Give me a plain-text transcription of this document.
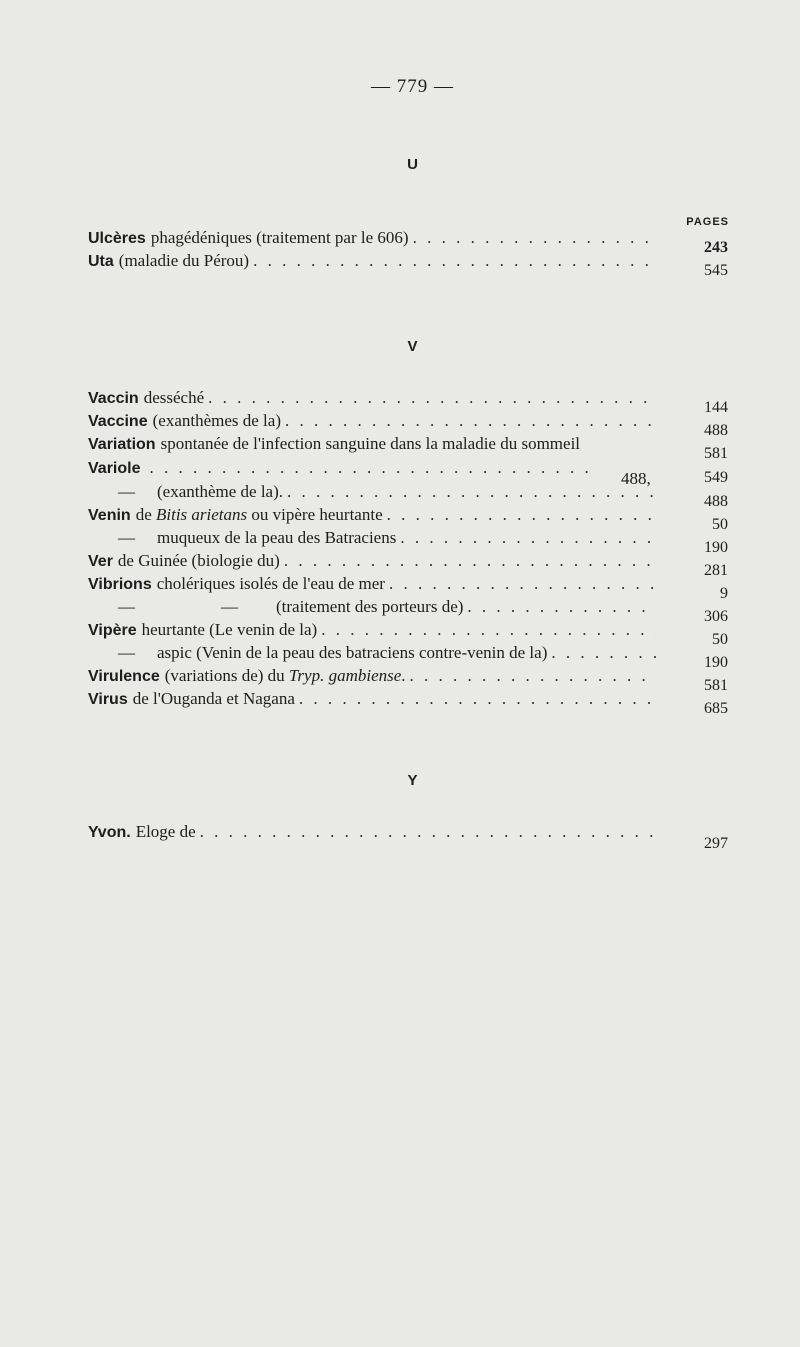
— 779 —
U
PAGES
Ulcères phagédéniques (traitement par le 606)
. . .
243
Uta (maladie du Pérou)
. . .
545
V
Vaccin desséché
. . .
144
Vaccine (exanthèmes de la)
. . .
488
Variation spontanée de l'infection sanguine dans la maladie du sommeil
581
Variole
. . .
488,	549
— (exanthème de la).
. . .
488
Venin de Bitis arietans ou vipère heurtante
. . .
50
— muqueux de la peau des Batraciens
. . .
190
Ver de Guinée (biologie du)
. . .
281
Vibrions cholériques isolés de l'eau de mer
. . .
9
—	— (traitement des porteurs de)
. . .
306
Vipère heurtante (Le venin de la)
. . .
50
— aspic (Venin de la peau des batraciens contre-venin de la)
. . .
190
Virulence (variations de) du Tryp. gambiense.
. . .
581
Virus de l'Ouganda et Nagana
. . .
685
Y
Yvon. Eloge de
. . .
297
